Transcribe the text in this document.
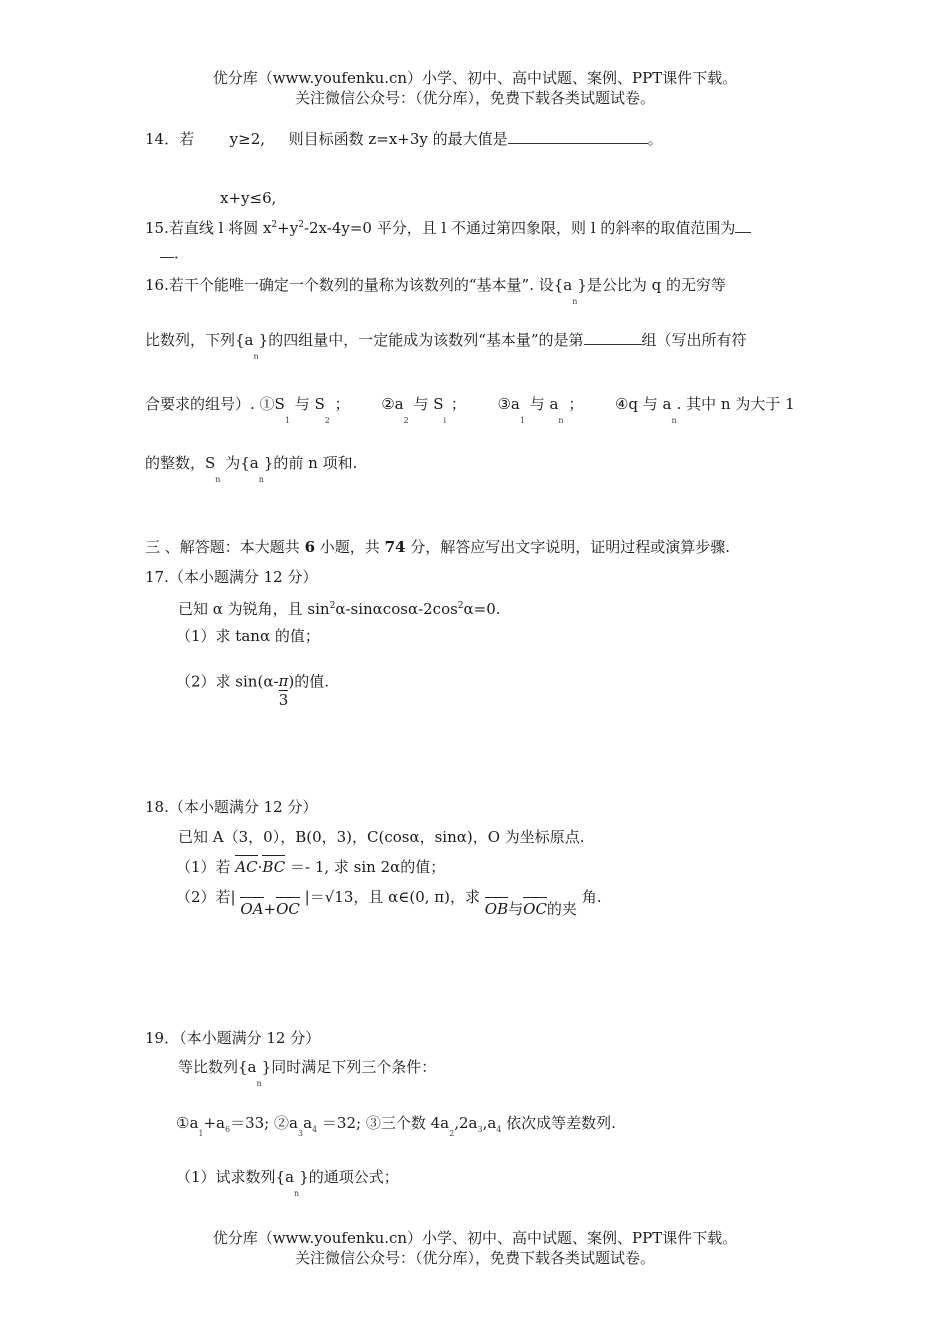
优分库（www.youfenku.cn）小学、初中、高中试题、案例、PPT课件下载。
关注微信公众号：（优分库），免费下载各类试题试卷。
14．若 y≥2, 则目标函数 z=x+3y 的最大值是	。
x+y≤6,
15.若直线 l 将圆 $x^2+y^2-2x-4y=0$ 平分，且 l 不通过第四象限，则 l 的斜率的取值范围为
．
16.若干个能唯一确定一个数列的量称为该数列的“基本量”. 设$\{a_n\}$是公比为 q 的无穷等
比数列，下列$\{a_n\}$的四组量中，一定能成为该数列“基本量”的是第	组（写出所有符
合要求的组号）. $①S_1$ 与 $S_2$ ； $②a_2$ 与 $S_i$ ； $③a_1$ 与 $a_n$ ； ④q 与 $a_n$. 其中 n 为大于 1
的整数，$S_n$ 为$\{a_n\}$的前 n 项和.
三 、解答题：本大题共 6 小题，共 74 分，解答应写出文字说明，证明过程或演算步骤.
17.（本小题满分 12 分）
已知 α 为锐角，且 $\sin^2\alpha-\sin\alpha\cos\alpha-2\cos^2\alpha=0$.
（1）求 tanα 的值；
（2）求 $\sin(\alpha- \frac{\pi}{3}$ )的值.
18.（本小题满分 12 分）
已知 A（3，0），B(0，3)，C(cosα，sinα)，O 为坐标原点.
（1）若 AC·BC ＝- 1, 求 sin 2α的值；
（2）若| OA+OC |＝√13，且 α∈(0, π)，求 OB与OC的夹 角.
19．（本小题满分 12 分）
等比数列$\{a_n\}$同时满足下列三个条件：
$①a_1+a_6=33$; $②a_3a_4 =32$; ③三个数 $4a_2,2a_3,a_4$ 依次成等差数列.
（1）试求数列$\{a_n\}$的通项公式；
优分库（www.youfenku.cn）小学、初中、高中试题、案例、PPT课件下载。
关注微信公众号：（优分库），免费下载各类试题试卷。
